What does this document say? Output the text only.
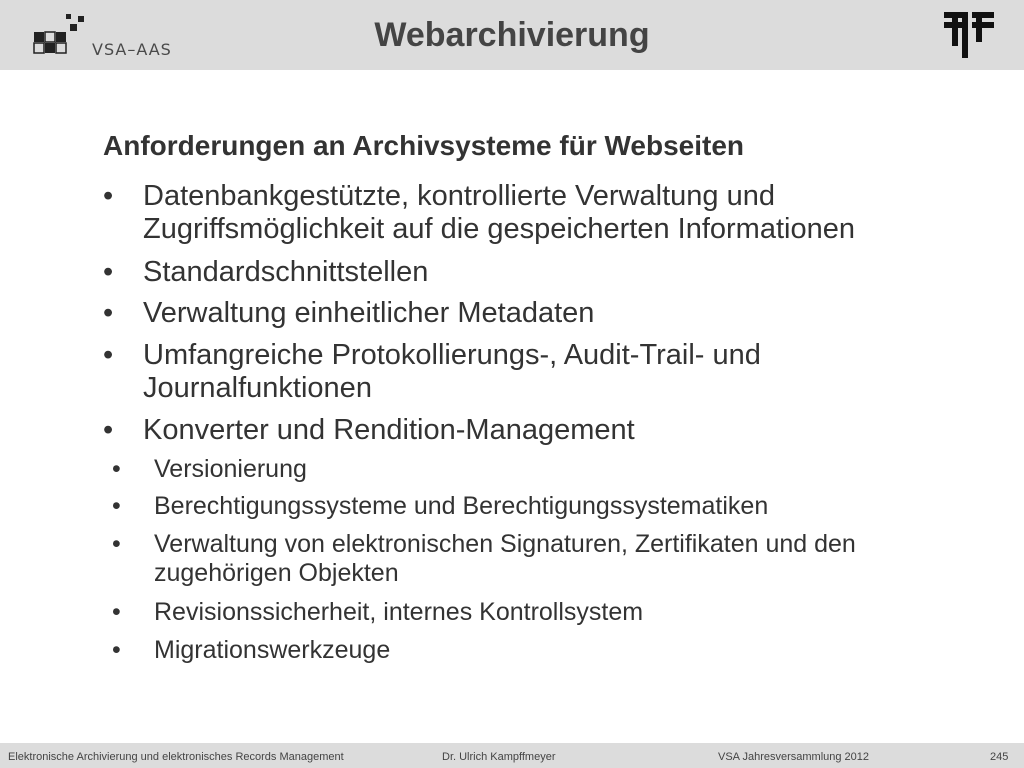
VSA–AAS	Webarchivierung
Anforderungen an Archivsysteme für Webseiten
• Datenbankgestützte, kontrollierte Verwaltung und Zugriffsmöglichkeit auf die gespeicherten Informationen
• Standardschnittstellen
• Verwaltung einheitlicher Metadaten
• Umfangreiche Protokollierungs-, Audit-Trail- und Journalfunktionen
• Konverter und Rendition-Management
• Versionierung
• Berechtigungssysteme und Berechtigungssystematiken
• Verwaltung von elektronischen Signaturen, Zertifikaten und den zugehörigen Objekten
• Revisionssicherheit, internes Kontrollsystem
• Migrationswerkzeuge
Elektronische Archivierung und elektronisches Records Management	Dr. Ulrich Kampffmeyer	VSA Jahresversammlung 2012	245
